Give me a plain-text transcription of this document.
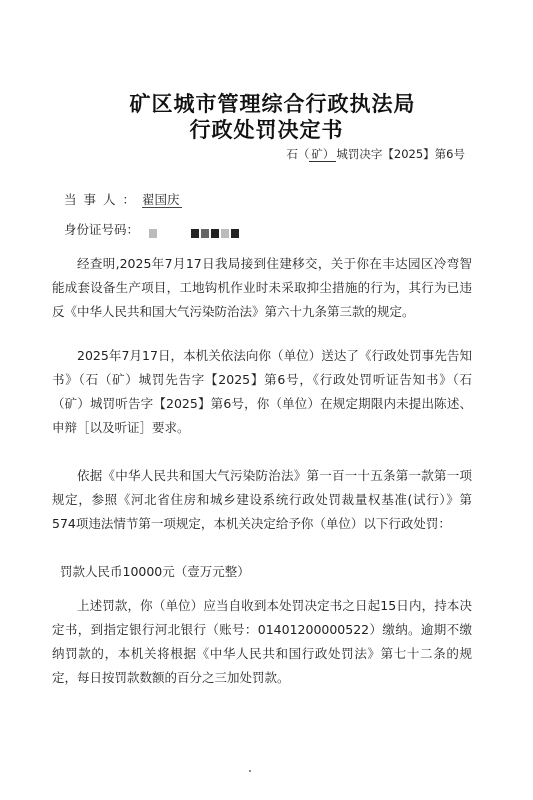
矿区城市管理综合行政执法局
行政处罚决定书
石（ 矿） 城罚决字【2025】第6号
当事人：翟国庆
身份证号码：

经查明,2025年7月17日我局接到住建移交，关于你在丰达园区冷弯智能成套设备生产项目，工地钩机作业时未采取抑尘措施的行为，其行为已违反《中华人民共和国大气污染防治法》第六十九条第三款的规定。

2025年7月17日，本机关依法向你（单位）送达了《行政处罚事先告知书》（石（矿）城罚先告字【2025】第6号，《行政处罚听证告知书》（石（矿）城罚听告字【2025】第6号，你（单位）在规定期限内未提出陈述、申辩［以及听证］要求。

依据《中华人民共和国大气污染防治法》第一百一十五条第一款第一项规定，参照《河北省住房和城乡建设系统行政处罚裁量权基准(试行）》第574项违法情节第一项规定，本机关决定给予你（单位）以下行政处罚：

罚款人民币10000元（壹万元整）

上述罚款，你（单位）应当自收到本处罚决定书之日起15日内，持本决定书，到指定银行河北银行（账号：01401200000522）缴纳。逾期不缴纳罚款的，本机关将根据《中华人民共和国行政处罚法》第七十二条的规定，每日按罚款数额的百分之三加处罚款。
